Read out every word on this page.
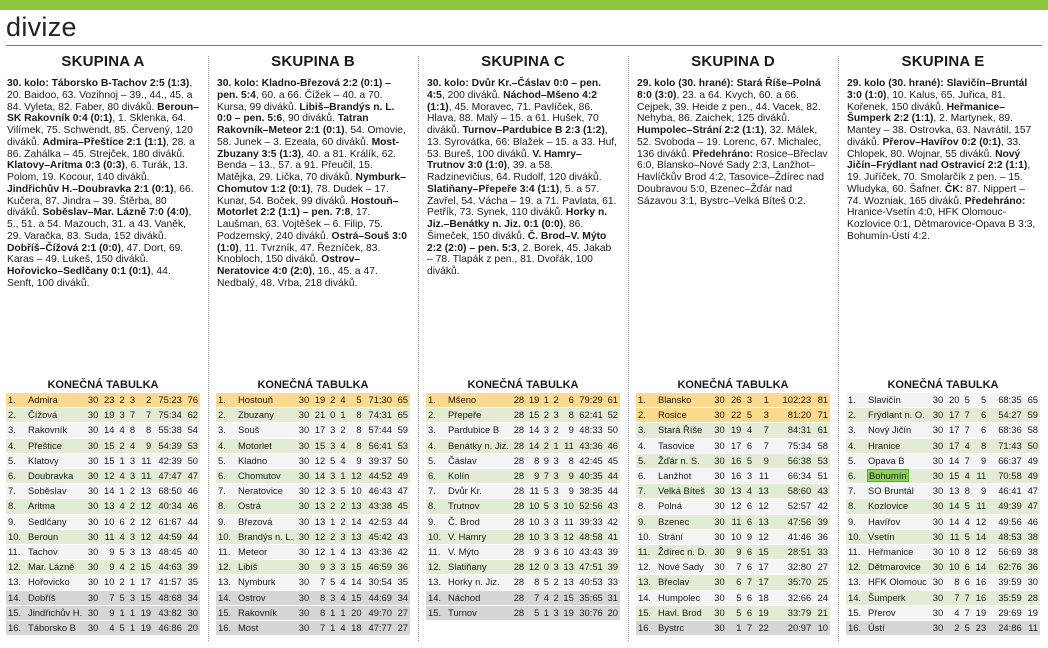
divize
SKUPINA A

30. kolo: Táborsko B-Tachov 2:5 (1:3), 20. Baidoo, 63. Vozihnoj – 39., 44., 45. a 84. Vyleta, 82. Faber, 80 diváků. Beroun–SK Rakovník 0:4 (0:1), 1. Sklenka, 64. Vilímek, 75. Schwendt, 85. Červený, 120 diváků. Admira–Přeštice 2:1 (1:1), 28. a 86. Zahálka – 45. Strejček, 180 diváků. Klatovy–Aritma 0:3 (0:3), 6. Turák, 13. Polom, 19. Kocour, 140 diváků. Jindřichův H.–Doubravka 2:1 (0:1), 66. Kučera, 87. Jindra – 39. Štěrba, 80 diváků. Soběslav–Mar. Lázně 7:0 (4:0), 5., 51. a 54. Mazouch, 31. a 43. Vaněk, 29. Varačka, 83. Suda, 152 diváků. Dobříš–Čížová 2:1 (0:0), 47. Dort, 69. Karas – 49. Lukeš, 150 diváků. Hořovicko–Sedlčany 0:1 (0:1), 44. Senft, 100 diváků.

KONEČNÁ TABULKA
1.	Admira	30	23	2	3	2	75:23	76
2.	Čížová	30	19	3	7	7	75:34	62
3.	Rakovník	30	14	4	8	8	55:38	54
4.	Přeštice	30	15	2	4	9	54:39	53
5.	Klatovy	30	15	1	3	11	42:39	50
6.	Doubravka	30	12	4	3	11	47:47	47
7.	Soběslav	30	14	1	2	13	68:50	46
8.	Aritma	30	13	4	2	12	40:34	46
9.	Sedlčany	30	10	6	2	12	61:67	44
10.	Beroun	30	11	4	3	12	44:59	44
11.	Tachov	30	9	5	3	13	48:45	40
12.	Mar. Lázně	30	9	4	2	15	44:63	39
13.	Hořovicko	30	10	2	1	17	41:57	35
14.	Dobříš	30	7	5	3	15	48:68	34
15.	Jindřichův H.	30	9	1	1	19	43:82	30
16.	Táborsko B	30	4	5	1	19	46:86	20
SKUPINA B

30. kolo: Kladno-Březová 2:2 (0:1) – pen. 5:4, 60. a 66. Čížek – 40. a 70. Kursa, 99 diváků. Libiš–Brandýs n. L. 0:0 – pen. 5:6, 90 diváků. Tatran Rakovník–Meteor 2:1 (0:1), 54. Omovie, 58. Junek – 3. Ezeala, 60 diváků. Most-Zbuzany 3:5 (1:3), 40. a 81. Králík, 62. Benda – 13., 57. a 91. Přeučil, 15. Matějka, 29. Lička, 70 diváků. Nymburk–Chomutov 1:2 (0:1), 78. Dudek – 17. Kunar, 54. Boček, 99 diváků. Hostouň–Motorlet 2:2 (1:1) – pen. 7:8, 17. Laušman, 63. Vojtěšek – 6. Filip, 75. Podzemský, 240 diváků. Ostrá–Souš 3:0 (1:0), 11. Tvrzník, 47. Řezníček, 83. Knobloch, 150 diváků. Ostrov–Neratovice 4:0 (2:0), 16., 45. a 47. Nedbalý, 48. Vrba, 218 diváků.

KONEČNÁ TABULKA
1.	Hostouň	30	19	2	4	5	71:30	65
2.	Zbuzany	30	21	0	1	8	74:31	65
3.	Souš	30	17	3	2	8	57:44	59
4.	Motorlet	30	15	3	4	8	56:41	53
5.	Kladno	30	12	5	4	9	39:37	50
6.	Chomutov	30	14	3	1	12	44:52	49
7.	Neratovice	30	12	3	5	10	46:43	47
8.	Ostrá	30	13	2	2	13	43:38	45
9.	Březová	30	13	1	2	14	42:53	44
10.	Brandýs n. L.	30	12	2	3	13	45:42	43
11.	Meteor	30	12	1	4	13	43:36	42
12.	Libiš	30	9	3	3	15	46:59	36
13.	Nymburk	30	7	5	4	14	30:54	35
14.	Ostrov	30	8	3	4	15	44:69	34
15.	Rakovník	30	8	1	1	20	49:70	27
16.	Most	30	7	1	4	18	47:77	27
SKUPINA C

30. kolo: Dvůr Kr.–Čáslav 0:0 – pen. 4:5, 200 diváků. Náchod–Mšeno 4:2 (1:1), 45. Moravec, 71. Pavlíček, 86. Hlava, 88. Malý – 15. a 61. Hušek, 70 diváků. Turnov–Pardubice B 2:3 (1:2), 13. Syrovátka, 66: Blažek – 15. a 33. Huf, 53. Bureš, 100 diváků. V. Hamry–Trutnov 3:0 (1:0), 39. a 58. Radzinevičius, 64. Rudolf, 120 diváků. Slatiňany–Přepeře 3:4 (1:1), 5. a 57. Zavřel, 54. Vácha – 19. a 71. Pavlata, 61. Petřík, 73. Synek, 110 diváků. Horky n. Jiz.–Benátky n. Jiz. 0:1 (0:0), 86. Šimeček, 150 diváků. Č. Brod–V. Mýto 2:2 (2:0) – pen. 5:3, 2. Borek, 45. Jakab – 78. Tlapák z pen., 81. Dvořák, 100 diváků.

KONEČNÁ TABULKA
1.	Mšeno	28	19	1	2	6	79:29	61
2.	Přepeře	28	15	2	3	8	62:41	52
3.	Pardubice B	28	14	3	2	9	48:33	50
4.	Benátky n. Jiz.	28	14	2	1	11	43:36	46
5.	Čáslav	28	8	9	3	8	42:45	45
6.	Kolín	28	9	7	3	9	40:35	44
7.	Dvůr Kr.	28	11	5	3	9	38:35	44
8.	Trutnov	28	10	5	3	10	52:56	43
9.	Č. Brod	28	10	3	3	11	39:33	42
10.	V. Hamry	28	10	3	3	12	48:58	41
11.	V. Mýto	28	9	3	6	10	43:43	39
12.	Slatiňany	28	12	0	3	13	47:51	39
13.	Horky n. Jiz.	28	8	5	2	13	40:53	33
14.	Náchod	28	7	4	2	15	35:65	31
15.	Turnov	28	5	1	3	19	30:76	20
SKUPINA D

29. kolo (30. hrané): Stará Říše–Polná 8:0 (3:0), 23. a 64. Kvych, 60. a 66. Cejpek, 39. Heide z pen., 44. Vacek, 82. Nehyba, 86. Zaichek, 125 diváků. Humpolec–Strání 2:2 (1:1), 32. Málek, 52. Svoboda – 19. Lorenc, 67. Michalec, 136 diváků. Předehráno: Rosice–Břeclav 6:0, Blansko–Nové Sady 2:3, Lanžhot–Havlíčkův Brod 4:2, Tasovice–Ždírec nad Doubravou 5:0, Bzenec–Žďár nad Sázavou 3:1, Bystrc–Velká Bíteš 0:2.

KONEČNÁ TABULKA
1.	Blansko	30	26	3	1		102:23	81
2.	Rosice	30	22	5	3		81:20	71
3.	Stará Říše	30	19	4	7		84:31	61
4.	Tasovice	30	17	6	7		75:34	58
5.	Žďár n. S.	30	16	5	9		56:38	53
6.	Lanžhot	30	16	3	11		66:34	51
7.	Velká Bíteš	30	13	4	13		58:60	43
8.	Polná	30	12	6	12		52:57	42
9.	Bzenec	30	11	6	13		47:56	39
10.	Strání	30	10	9	12		41:46	36
11.	Ždírec n. D.	30	9	6	15		28:51	33
12.	Nové Sady	30	7	6	17		32:80	27
13.	Břeclav	30	6	7	17		35:70	25
14.	Humpolec	30	5	6	18		32:66	24
15.	Havl. Brod	30	5	6	19		33:79	21
16.	Bystrc	30	1	7	22		20:97	10
SKUPINA E

29. kolo (30. hrané): Slavičín–Bruntál 3:0 (1:0), 10. Kalus, 65. Juřica, 81. Kořenek, 150 diváků. Heřmanice–Šumperk 2:2 (1:1), 2. Martynek, 89. Mantey – 38. Ostrovka, 63. Navrátil, 157 diváků. Přerov–Havířov 0:2 (0:1), 33. Chlopek, 80. Wojnar, 55 diváků. Nový Jičín–Frýdlant nad Ostravicí 2:2 (1:1), 19. Juříček, 70. Smolarčík z pen. – 15. Wludyka, 60. Šafner. ČK: 87. Nippert – 74. Wozniak, 165 diváků. Předehráno: Hranice-Vsetín 4:0, HFK Olomouc-Kozlovice 0:1, Dětmarovice-Opava B 3:3, Bohumín-Ústí 4:2.

KONEČNÁ TABULKA
1.	Slavičín	30	20	5	5		68:35	65
2.	Frýdlant n. O.	30	17	7	6		54:27	59
3.	Nový Jičín	30	17	7	6		68:36	58
4.	Hranice	30	17	4	8		71:43	50
5.	Opava B	30	14	7	9		66:37	49
6.	Bohumín	30	15	4	11		70:58	49
7.	SO Bruntál	30	13	8	9		46:41	47
8.	Kozlovice	30	14	5	11		49:39	47
9.	Havířov	30	14	4	12		49:56	46
10.	Vsetín	30	11	5	14		48:53	38
11.	Heřmanice	30	10	8	12		56:69	38
12.	Dětmarovice	30	10	6	14		62:76	36
13.	HFK Olomouc	30	8	6	16		39:59	30
14.	Šumperk	30	7	7	16		35:59	28
15.	Přerov	30	4	7	19		29:69	19
16.	Ústí	30	2	5	23		24:86	11
